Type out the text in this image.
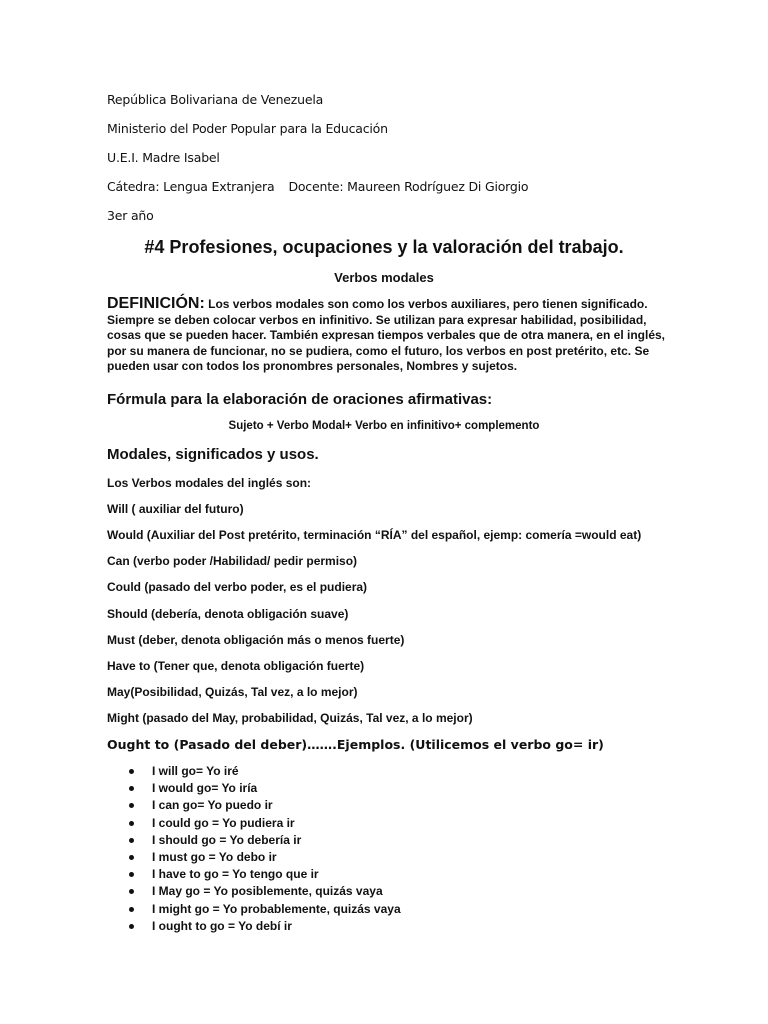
República Bolivariana de Venezuela
Ministerio del Poder Popular para la Educación
U.E.I. Madre Isabel
Cátedra: Lengua Extranjera Docente: Maureen Rodríguez Di Giorgio
3er año
#4 Profesiones, ocupaciones y la valoración del trabajo.
Verbos modales
DEFINICIÓN: Los verbos modales son como los verbos auxiliares, pero tienen significado. Siempre se deben colocar verbos en infinitivo. Se utilizan para expresar habilidad, posibilidad, cosas que se pueden hacer. También expresan tiempos verbales que de otra manera, en el inglés, por su manera de funcionar, no se pudiera, como el futuro, los verbos en post pretérito, etc. Se pueden usar con todos los pronombres personales, Nombres y sujetos.
Fórmula para la elaboración de oraciones afirmativas:
Sujeto + Verbo Modal+ Verbo en infinitivo+ complemento
Modales, significados y usos.
Los Verbos modales del inglés son:
Will ( auxiliar del futuro)
Would (Auxiliar del Post pretérito, terminación “RÍA” del español, ejemp: comería =would eat)
Can (verbo poder /Habilidad/ pedir permiso)
Could (pasado del verbo poder, es el pudiera)
Should (debería, denota obligación suave)
Must (deber, denota obligación más o menos fuerte)
Have to (Tener que, denota obligación fuerte)
May(Posibilidad, Quizás, Tal vez, a lo mejor)
Might (pasado del May, probabilidad, Quizás, Tal vez, a lo mejor)
Ought to (Pasado del deber)…….Ejemplos. (Utilicemos el verbo go= ir)
I will go= Yo iré
I would go= Yo iría
I can go= Yo puedo ir
I could go = Yo pudiera ir
I should go = Yo debería ir
I must go = Yo debo ir
I have to go = Yo tengo que ir
I May go = Yo posiblemente, quizás vaya
I might go = Yo probablemente, quizás vaya
I ought to go = Yo debí ir
